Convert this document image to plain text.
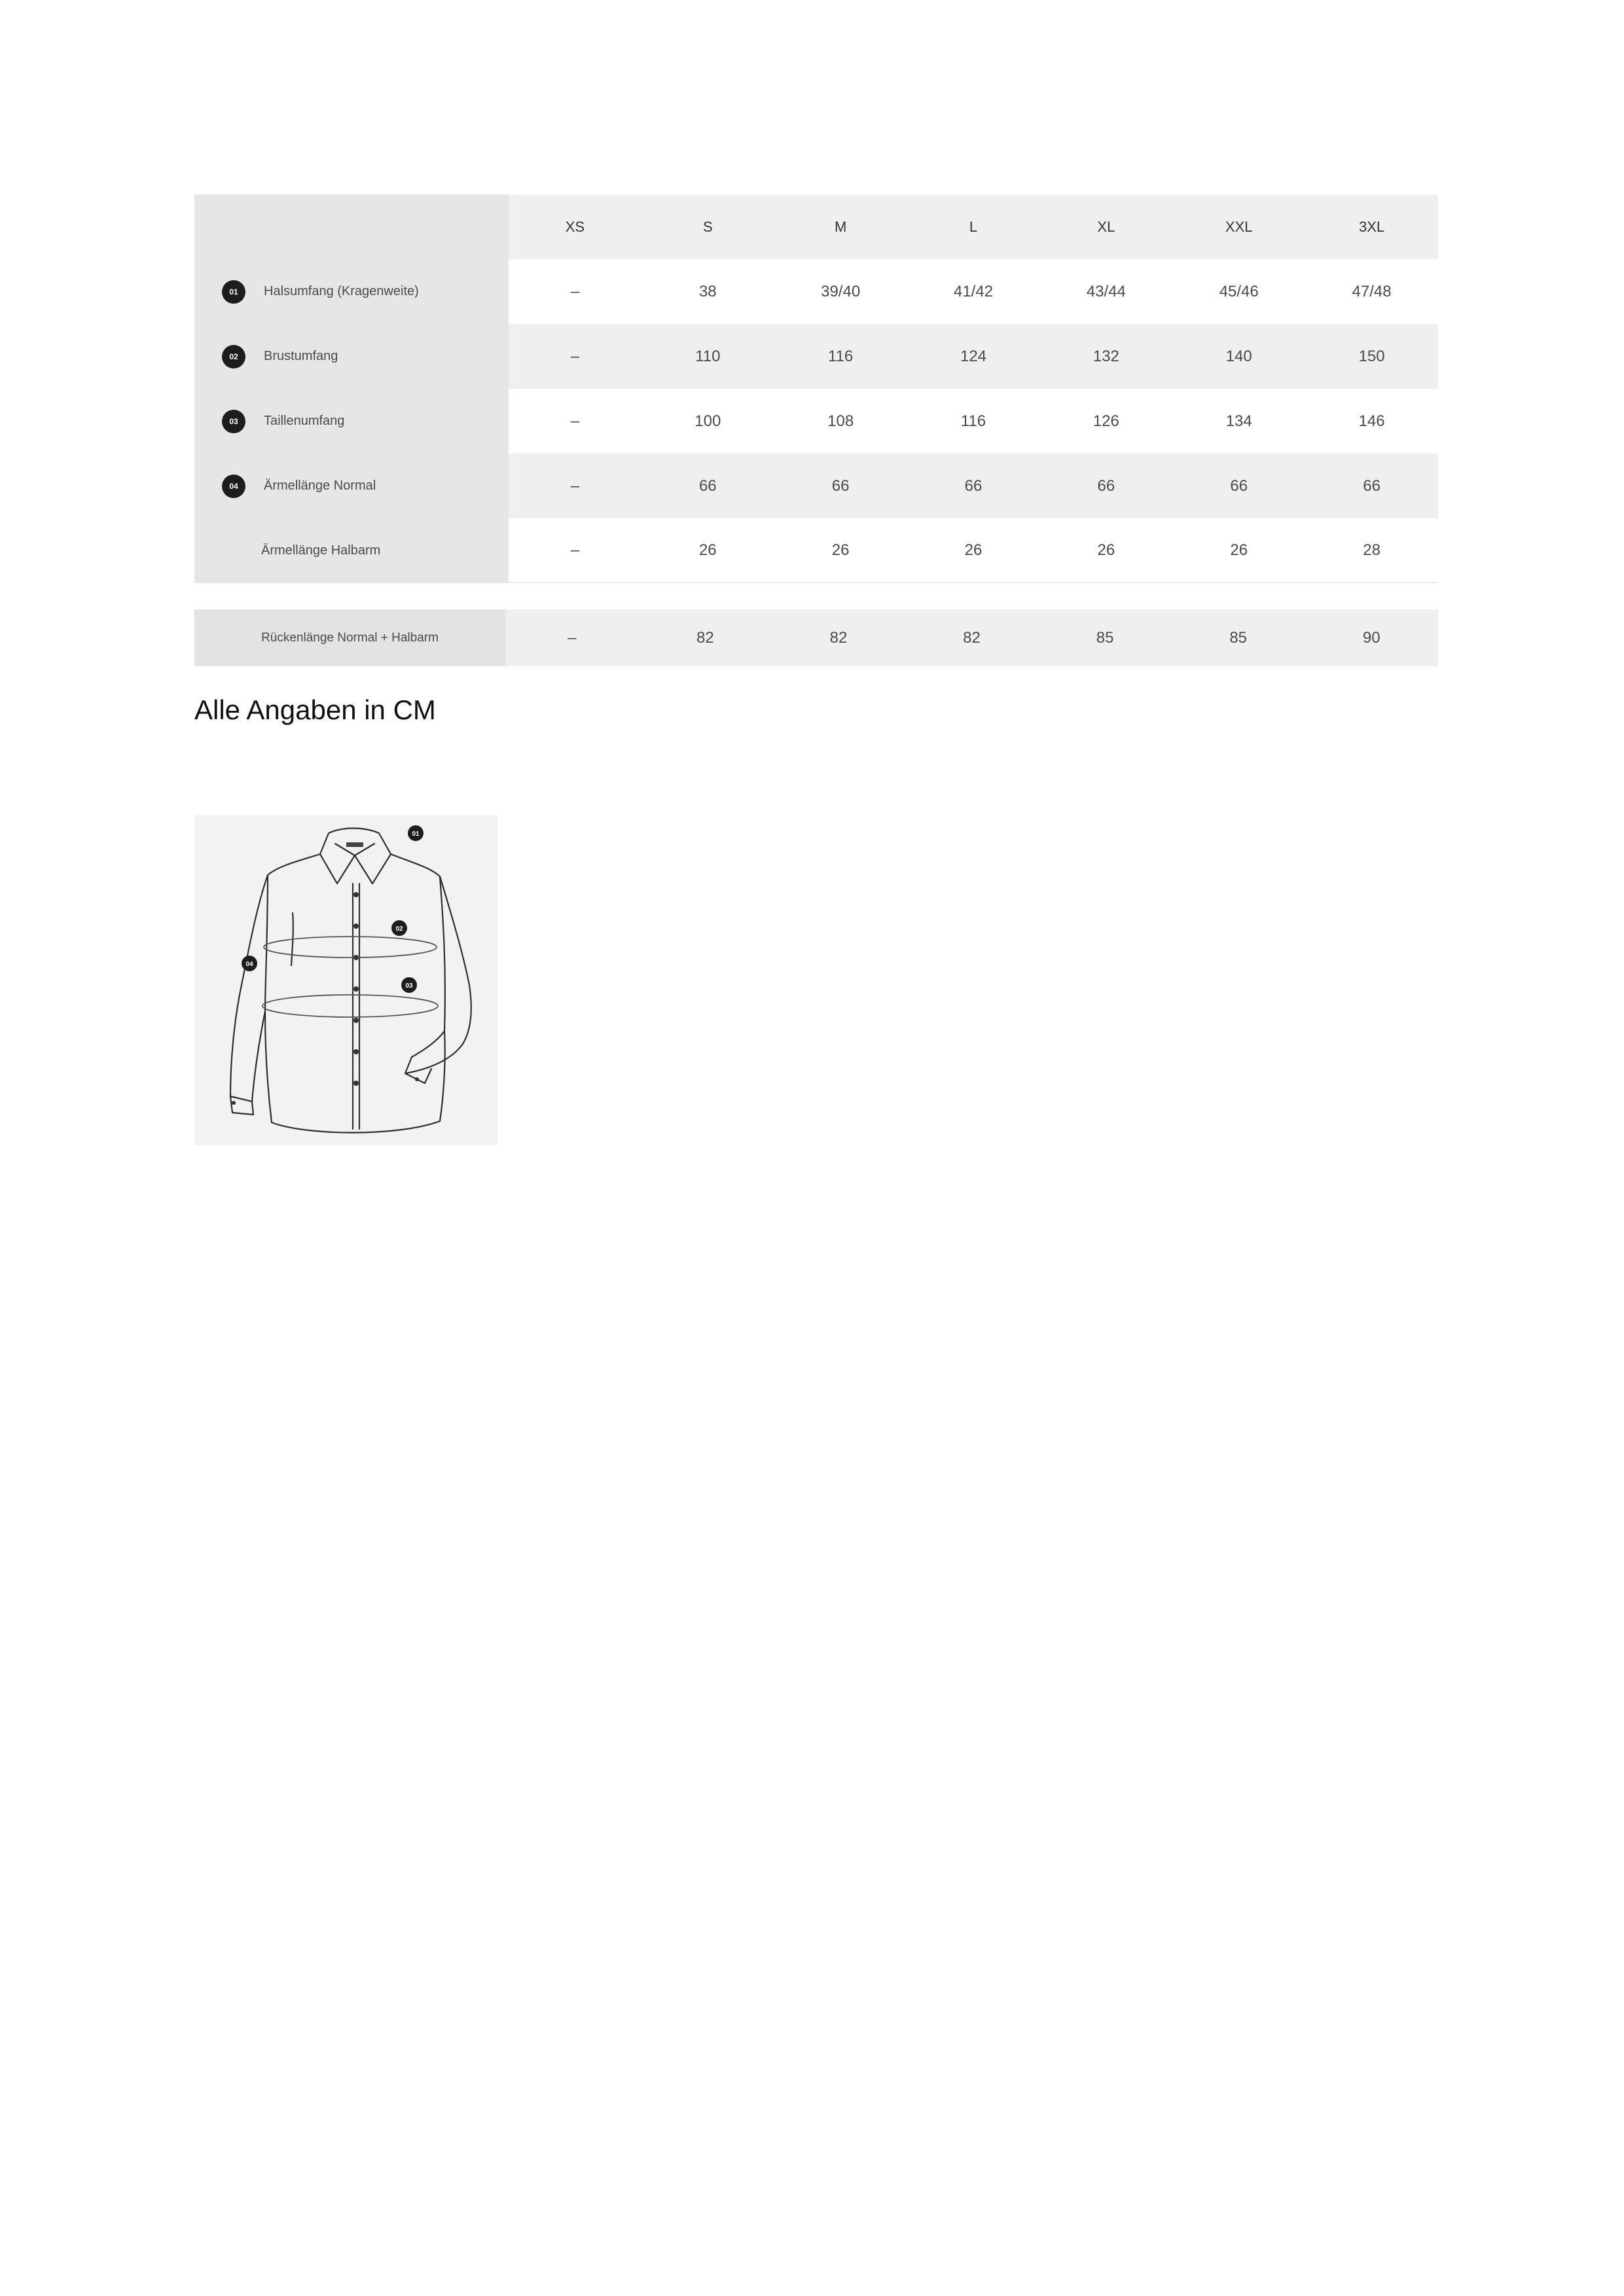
XS	S	M	L	XL	XXL	3XL
01	Halsumfang (Kragenweite)	–	38	39/40	41/42	43/44	45/46	47/48
02	Brustumfang	–	110	116	124	132	140	150
03	Taillenumfang	–	100	108	116	126	134	146
04	Ärmellänge Normal	–	66	66	66	66	66	66
Ärmellänge Halbarm	–	26	26	26	26	26	28
Rückenlänge Normal + Halbarm	–	82	82	82	85	85	90
Alle Angaben in CM
01
02
03
04
